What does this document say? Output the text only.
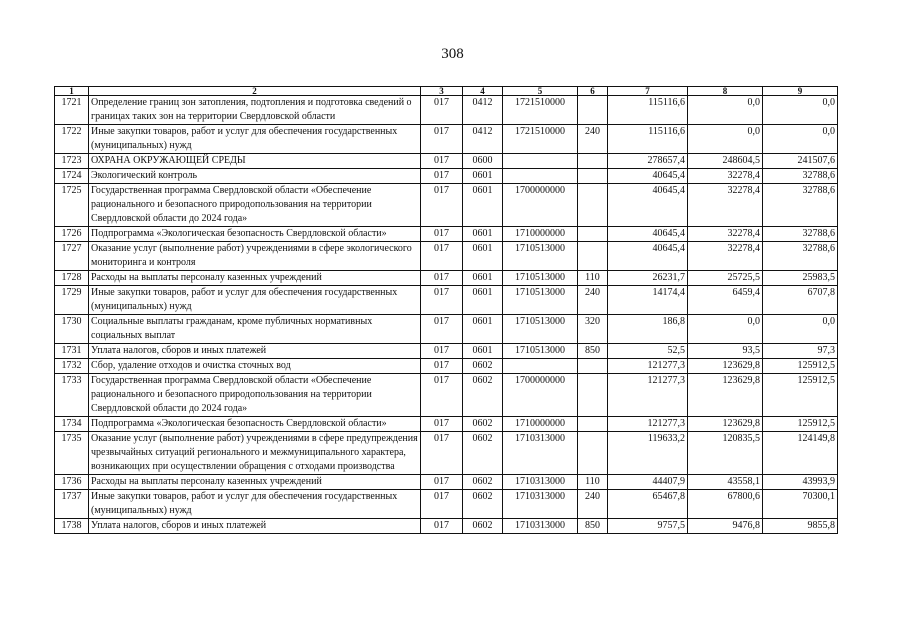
308
1	2	3	4	5	6	7	8	9
1721	Определение границ зон затопления, подтопления и подготовка сведений о границах таких зон на территории Свердловской области	017	0412	1721510000		115116,6	0,0	0,0
1722	Иные закупки товаров, работ и услуг для обеспечения государственных (муниципальных) нужд	017	0412	1721510000	240	115116,6	0,0	0,0
1723	ОХРАНА ОКРУЖАЮЩЕЙ СРЕДЫ	017	0600			278657,4	248604,5	241507,6
1724	Экологический контроль	017	0601			40645,4	32278,4	32788,6
1725	Государственная программа Свердловской области «Обеспечение рационального и безопасного природопользования на территории Свердловской области до 2024 года»	017	0601	1700000000		40645,4	32278,4	32788,6
1726	Подпрограмма «Экологическая безопасность Свердловской области»	017	0601	1710000000		40645,4	32278,4	32788,6
1727	Оказание услуг (выполнение работ) учреждениями в сфере экологического мониторинга и контроля	017	0601	1710513000		40645,4	32278,4	32788,6
1728	Расходы на выплаты персоналу казенных учреждений	017	0601	1710513000	110	26231,7	25725,5	25983,5
1729	Иные закупки товаров, работ и услуг для обеспечения государственных (муниципальных) нужд	017	0601	1710513000	240	14174,4	6459,4	6707,8
1730	Социальные выплаты гражданам, кроме публичных нормативных социальных выплат	017	0601	1710513000	320	186,8	0,0	0,0
1731	Уплата налогов, сборов и иных платежей	017	0601	1710513000	850	52,5	93,5	97,3
1732	Сбор, удаление отходов и очистка сточных вод	017	0602			121277,3	123629,8	125912,5
1733	Государственная программа Свердловской области «Обеспечение рационального и безопасного природопользования на территории Свердловской области до 2024 года»	017	0602	1700000000		121277,3	123629,8	125912,5
1734	Подпрограмма «Экологическая безопасность Свердловской области»	017	0602	1710000000		121277,3	123629,8	125912,5
1735	Оказание услуг (выполнение работ) учреждениями в сфере предупреждения чрезвычайных ситуаций регионального и межмуниципального характера, возникающих при осуществлении обращения с отходами производства	017	0602	1710313000		119633,2	120835,5	124149,8
1736	Расходы на выплаты персоналу казенных учреждений	017	0602	1710313000	110	44407,9	43558,1	43993,9
1737	Иные закупки товаров, работ и услуг для обеспечения государственных (муниципальных) нужд	017	0602	1710313000	240	65467,8	67800,6	70300,1
1738	Уплата налогов, сборов и иных платежей	017	0602	1710313000	850	9757,5	9476,8	9855,8
